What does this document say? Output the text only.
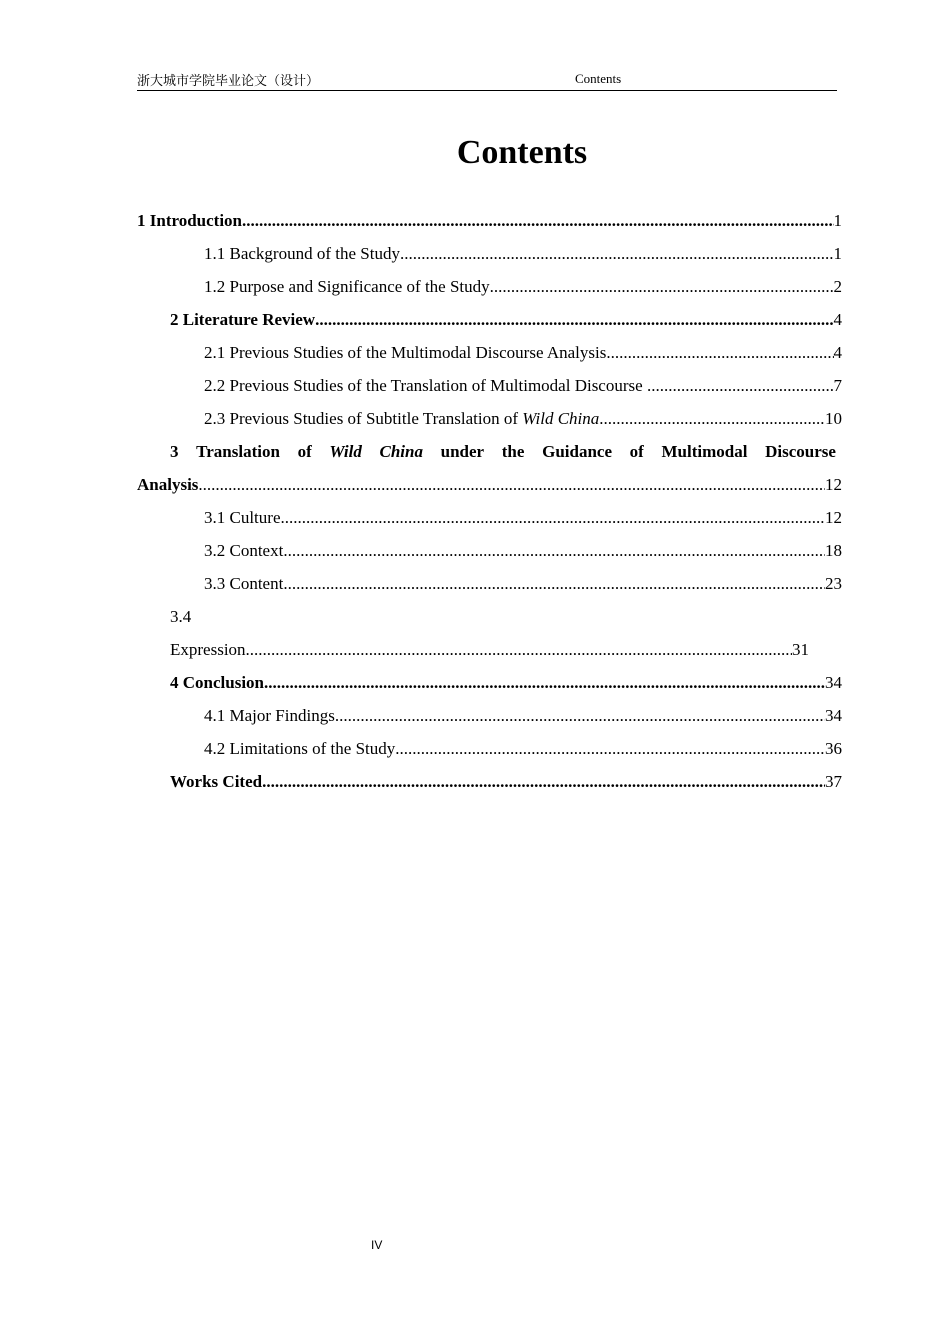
浙大城市学院毕业论文（设计）	Contents
Contents
1 Introduction .....	1
1.1 Background of the Study .....	1
1.2 Purpose and Significance of the Study .....	2
2 Literature Review .....	4
2.1 Previous Studies of the Multimodal Discourse Analysis .....	4
2.2 Previous Studies of the Translation of Multimodal Discourse .....	7
2.3 Previous Studies of Subtitle Translation of Wild China .....	10
3 Translation of Wild China under the Guidance of Multimodal Discourse
Analysis .....	12
3.1 Culture .....	12
3.2 Context .....	18
3.3 Content .....	23
3.4
Expression .....	31
4 Conclusion .....	34
4.1 Major Findings .....	34
4.2 Limitations of the Study .....	36
Works Cited .....	37
IV
